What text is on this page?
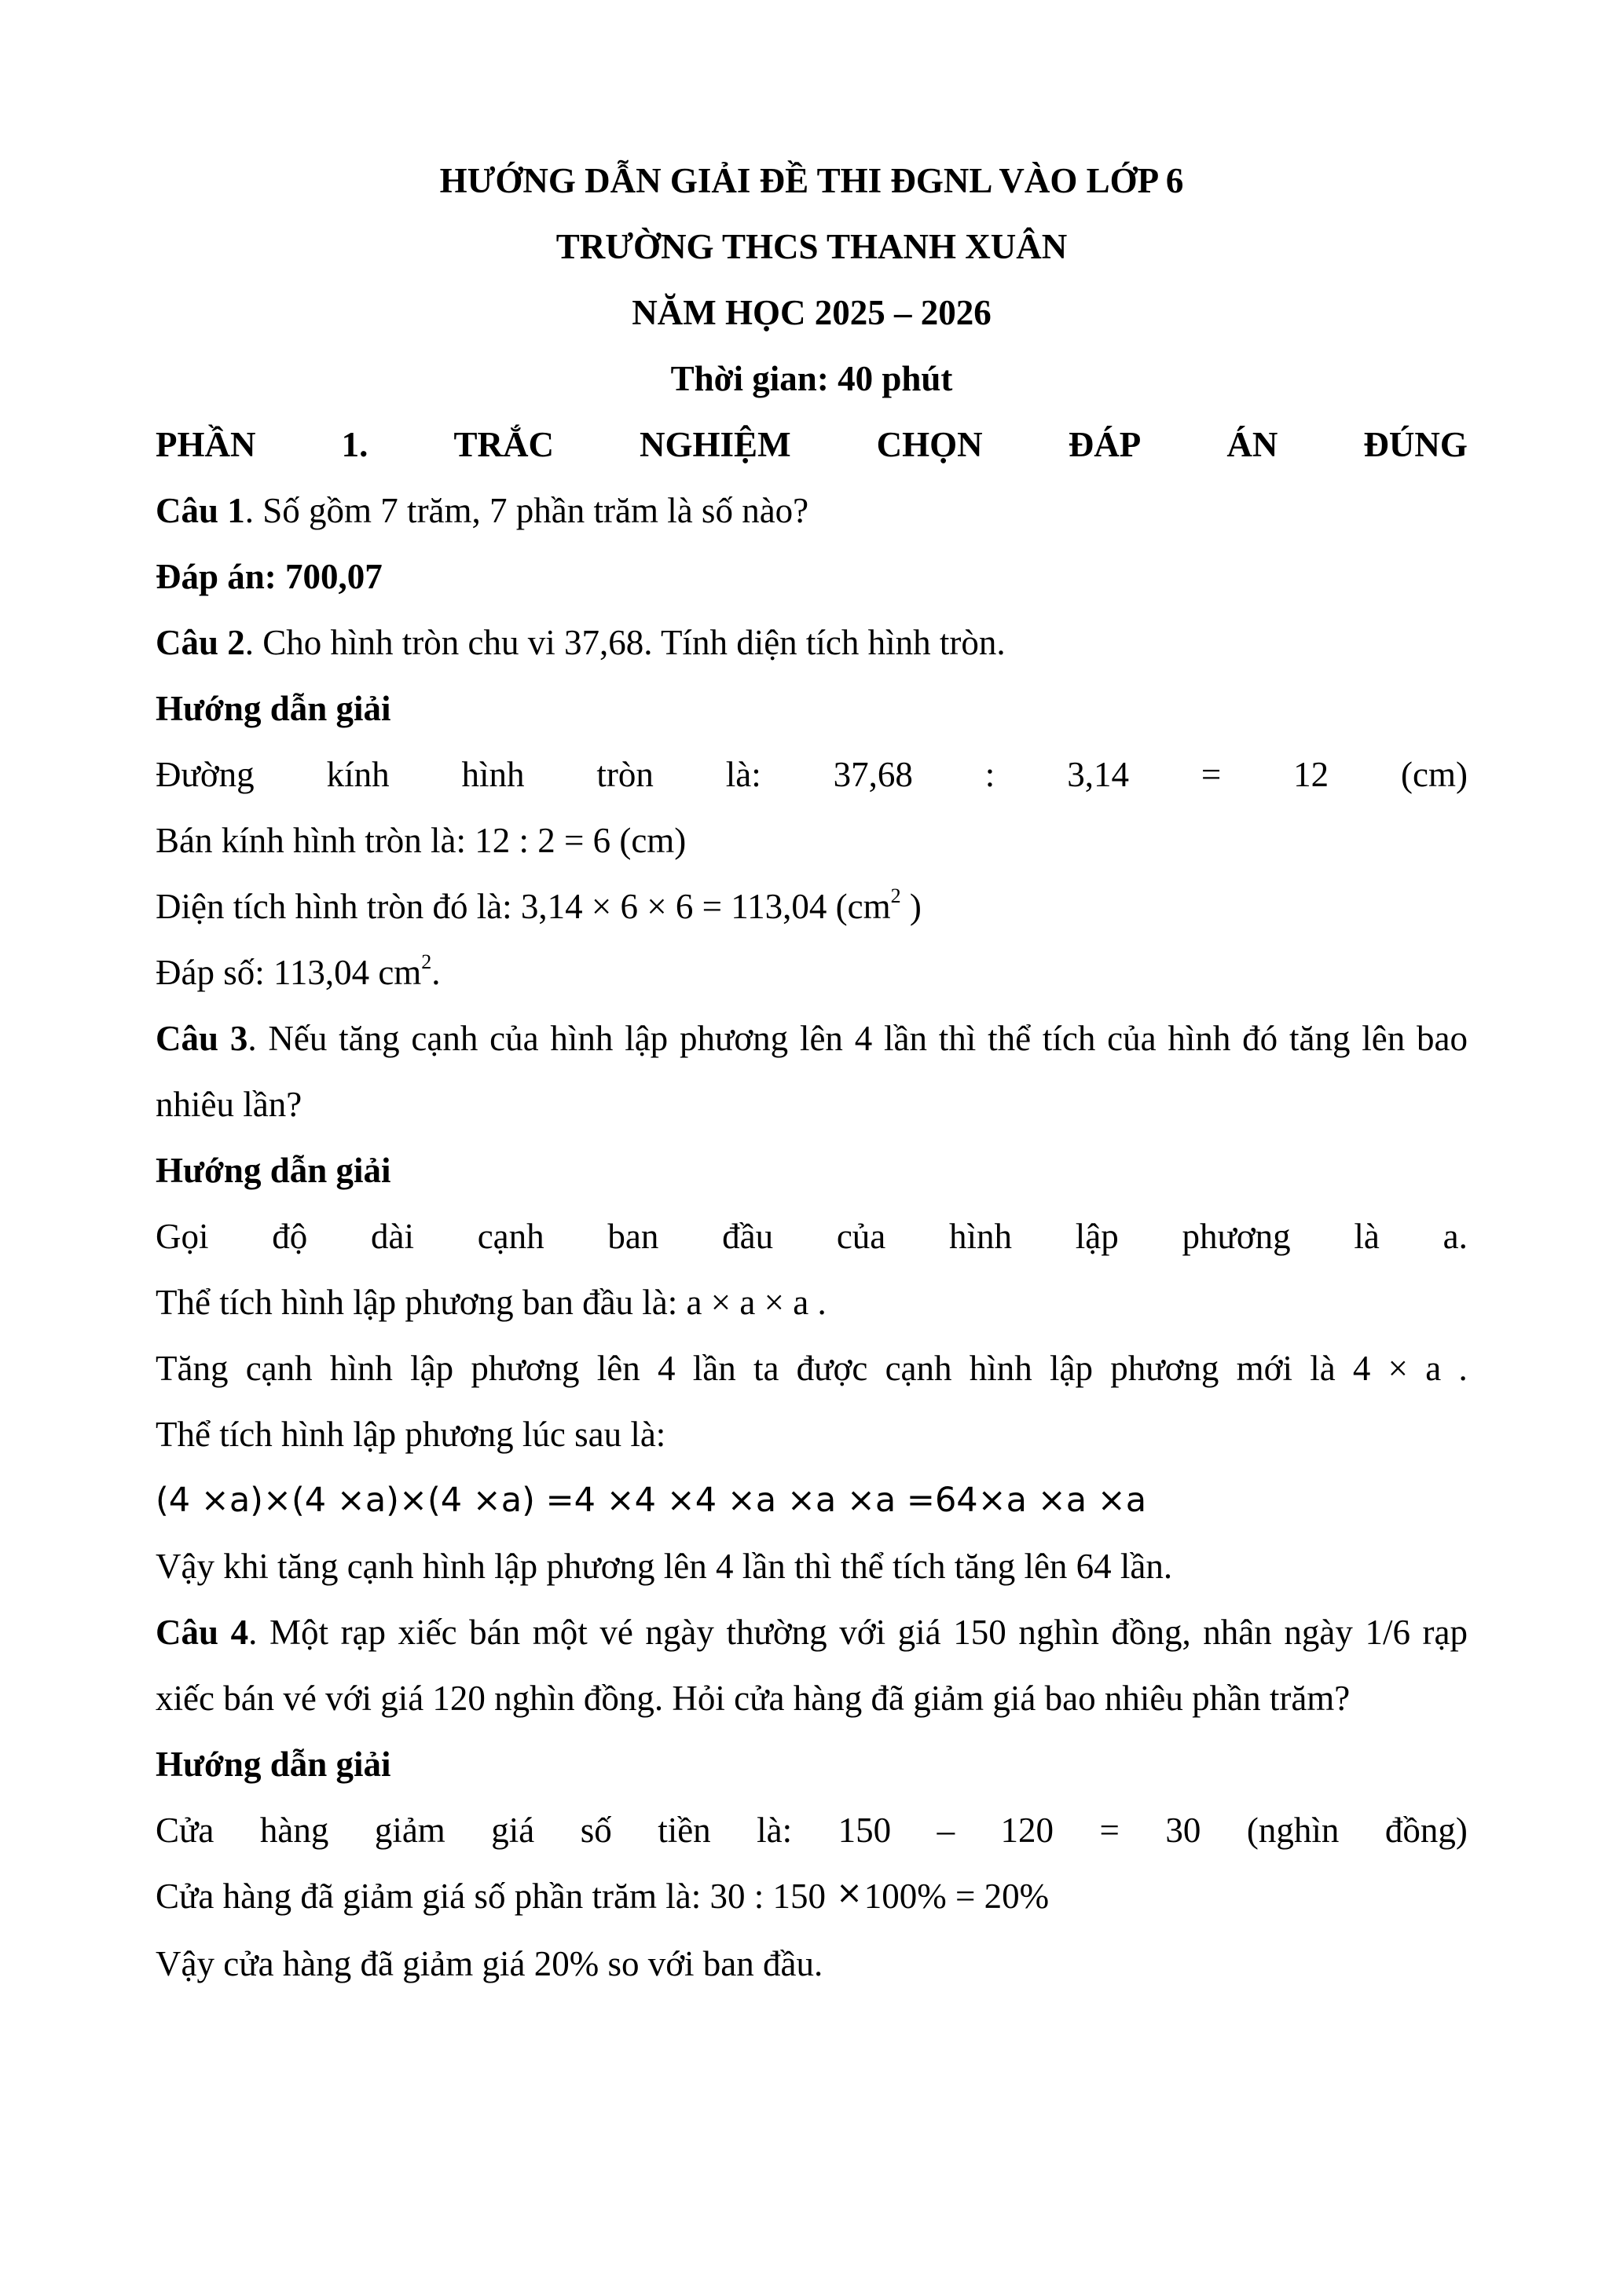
HƯỚNG DẪN GIẢI ĐỀ THI ĐGNL VÀO LỚP 6
TRƯỜNG THCS THANH XUÂN
NĂM HỌC 2025 – 2026
Thời gian: 40 phút
PHẦN 1. TRẮC NGHIỆM CHỌN ĐÁP ÁN ĐÚNG
Câu 1. Số gồm 7 trăm, 7 phần trăm là số nào?
Đáp án: 700,07
Câu 2. Cho hình tròn chu vi 37,68. Tính diện tích hình tròn.
Hướng dẫn giải
Đường kính hình tròn là: 37,68 : 3,14 = 12 (cm)
Bán kính hình tròn là: 12 : 2 = 6 (cm)
Diện tích hình tròn đó là: 3,14 × 6 × 6 = 113,04 ($cm^2$ )
Đáp số: 113,04 $cm^2$.
Câu 3. Nếu tăng cạnh của hình lập phương lên 4 lần thì thể tích của hình đó tăng lên bao nhiêu lần?
Hướng dẫn giải
Gọi độ dài cạnh ban đầu của hình lập phương là a.
Thể tích hình lập phương ban đầu là: a × a × a .
Tăng cạnh hình lập phương lên 4 lần ta được cạnh hình lập phương mới là 4 × a .
Thể tích hình lập phương lúc sau là:
(4 ×a)×(4 ×a)×(4 ×a) =4 ×4 ×4 ×a ×a ×a =64×a ×a ×a
Vậy khi tăng cạnh hình lập phương lên 4 lần thì thể tích tăng lên 64 lần.
Câu 4. Một rạp xiếc bán một vé ngày thường với giá 150 nghìn đồng, nhân ngày 1/6 rạp xiếc bán vé với giá 120 nghìn đồng. Hỏi cửa hàng đã giảm giá bao nhiêu phần trăm?
Hướng dẫn giải
Cửa hàng giảm giá số tiền là: 150 – 120 = 30 (nghìn đồng)
Cửa hàng đã giảm giá số phần trăm là: 30 : 150 ×100% = 20%
Vậy cửa hàng đã giảm giá 20% so với ban đầu.
